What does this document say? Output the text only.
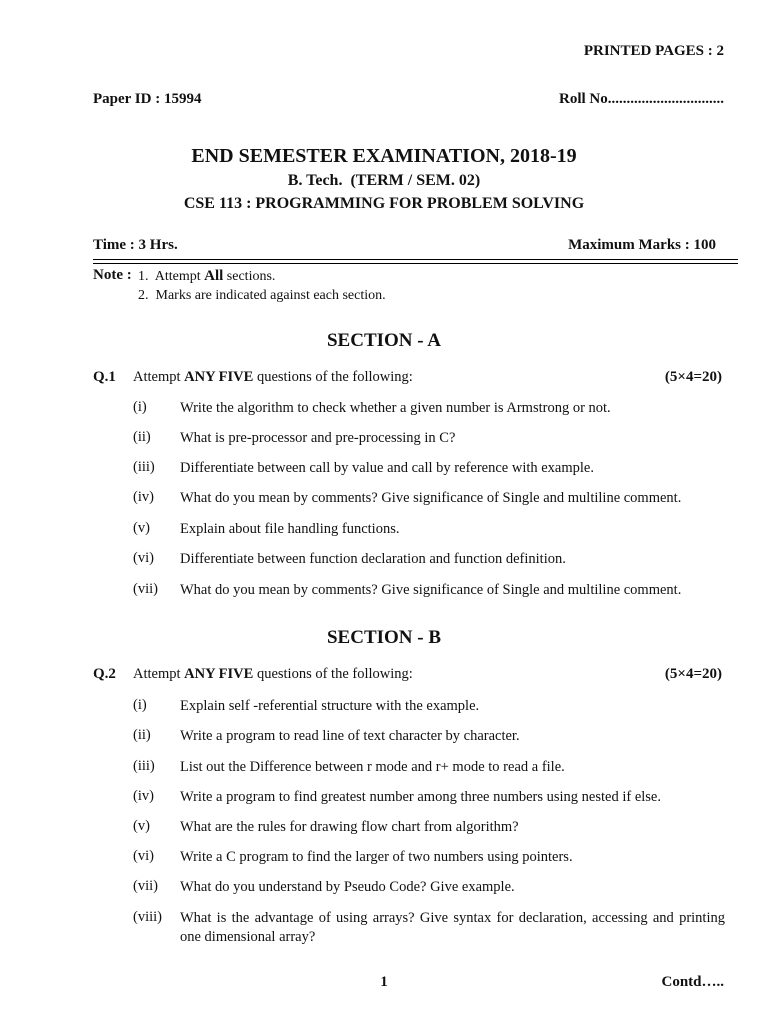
PRINTED PAGES : 2
Paper ID : 15994	Roll No...............................
END SEMESTER EXAMINATION, 2018-19
B. Tech.  (TERM / SEM. 02)
CSE 113 : PROGRAMMING FOR PROBLEM SOLVING
Time : 3 Hrs.	Maximum Marks : 100
Note : 1.  Attempt All sections.
2.  Marks are indicated against each section.
SECTION - A
Q.1 Attempt ANY FIVE questions of the following:	(5×4=20)
(i) Write the algorithm to check whether a given number is Armstrong or not.
(ii) What is pre-processor and pre-processing in C?
(iii) Differentiate between call by value and call by reference with example.
(iv) What do you mean by comments? Give significance of Single and multiline comment.
(v) Explain about file handling functions.
(vi) Differentiate between function declaration and function definition.
(vii) What do you mean by comments? Give significance of Single and multiline comment.
SECTION - B
Q.2 Attempt ANY FIVE questions of the following:	(5×4=20)
(i) Explain self -referential structure with the example.
(ii) Write a program to read line of text character by character.
(iii) List out the Difference between r mode and r+ mode to read a file.
(iv) Write a program to find greatest number among three numbers using nested if else.
(v) What are the rules for drawing flow chart from algorithm?
(vi) Write a C program to find the larger of two numbers using pointers.
(vii) What do you understand by Pseudo Code? Give example.
(viii) What is the advantage of using arrays? Give syntax for declaration, accessing and printing one dimensional array?
1	Contd…..
